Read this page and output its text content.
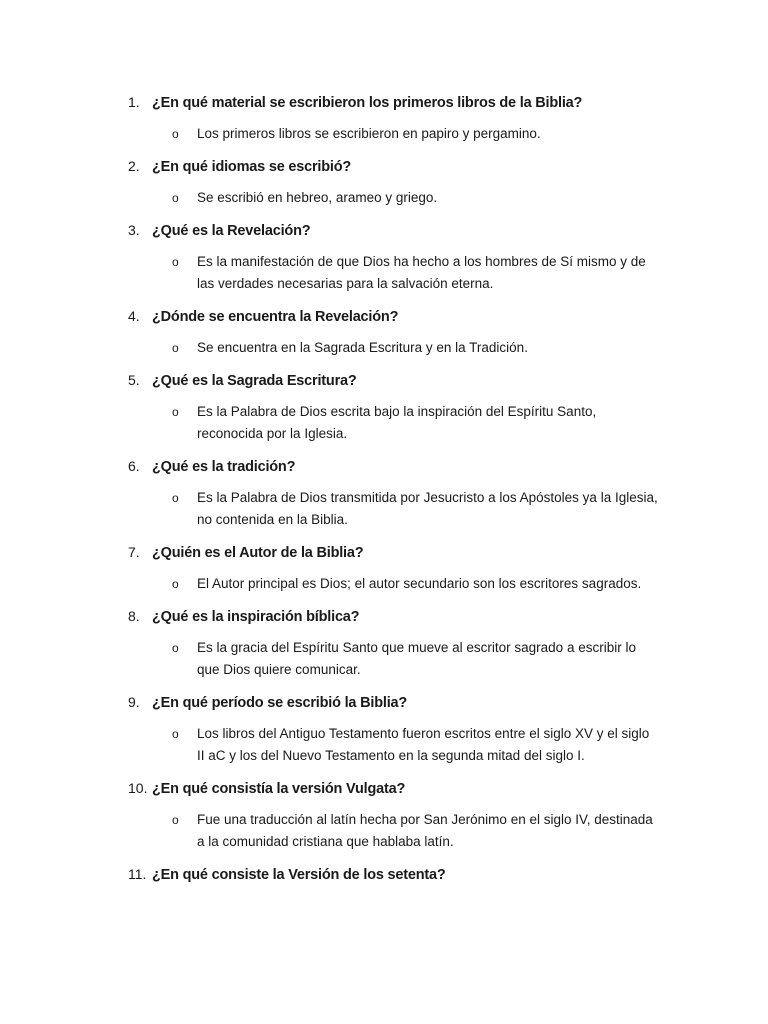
1. ¿En qué material se escribieron los primeros libros de la Biblia?
o	Los primeros libros se escribieron en papiro y pergamino.
2. ¿En qué idiomas se escribió?
o	Se escribió en hebreo, arameo y griego.
3. ¿Qué es la Revelación?
o	Es la manifestación de que Dios ha hecho a los hombres de Sí mismo y de las verdades necesarias para la salvación eterna.
4. ¿Dónde se encuentra la Revelación?
o	Se encuentra en la Sagrada Escritura y en la Tradición.
5. ¿Qué es la Sagrada Escritura?
o	Es la Palabra de Dios escrita bajo la inspiración del Espíritu Santo, reconocida por la Iglesia.
6. ¿Qué es la tradición?
o	Es la Palabra de Dios transmitida por Jesucristo a los Apóstoles ya la Iglesia, no contenida en la Biblia.
7. ¿Quién es el Autor de la Biblia?
o	El Autor principal es Dios; el autor secundario son los escritores sagrados.
8. ¿Qué es la inspiración bíblica?
o	Es la gracia del Espíritu Santo que mueve al escritor sagrado a escribir lo que Dios quiere comunicar.
9. ¿En qué período se escribió la Biblia?
o	Los libros del Antiguo Testamento fueron escritos entre el siglo XV y el siglo II aC y los del Nuevo Testamento en la segunda mitad del siglo I.
10. ¿En qué consistía la versión Vulgata?
o	Fue una traducción al latín hecha por San Jerónimo en el siglo IV, destinada a la comunidad cristiana que hablaba latín.
11. ¿En qué consiste la Versión de los setenta?
